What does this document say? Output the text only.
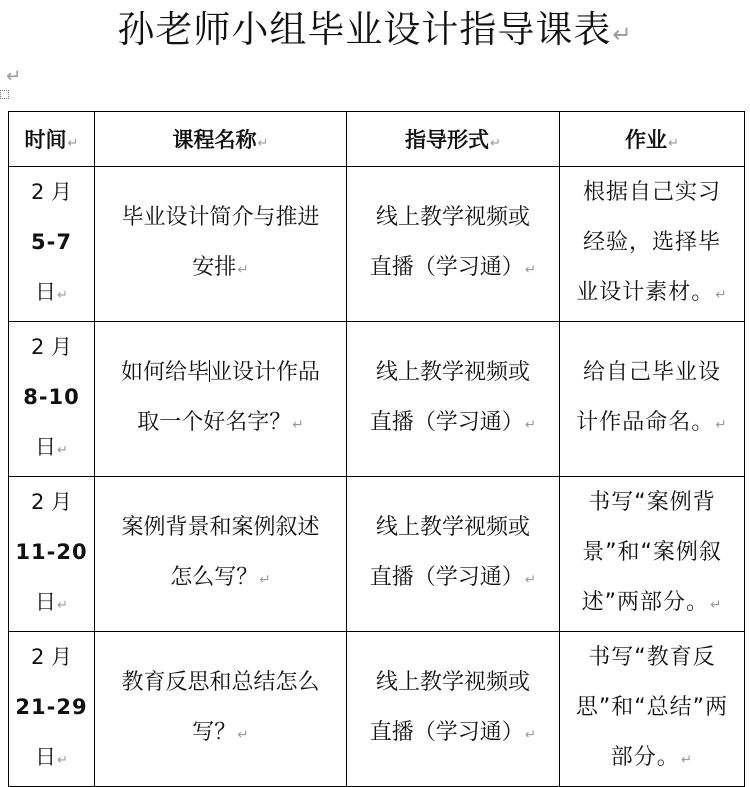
孙老师小组毕业设计指导课表↵
↵
时间↵	课程名称↵	指导形式↵	作业↵

2 月
5-7
日↵	毕业设计简介与推进
安排↵	线上教学视频或
直播（学习通）↵	根据自己实习
经验，选择毕
业设计素材。↵

2 月
8-10
日↵	如何给毕业设计作品
取一个好名字？↵	线上教学视频或
直播（学习通）↵	给自己毕业设
计作品命名。↵

2 月
11-20
日↵	案例背景和案例叙述
怎么写？↵	线上教学视频或
直播（学习通）↵	书写“案例背
景”和“案例叙
述”两部分。↵

2 月
21-29
日↵	教育反思和总结怎么
写？↵	线上教学视频或
直播（学习通）↵	书写“教育反
思”和“总结”两
部分。↵
